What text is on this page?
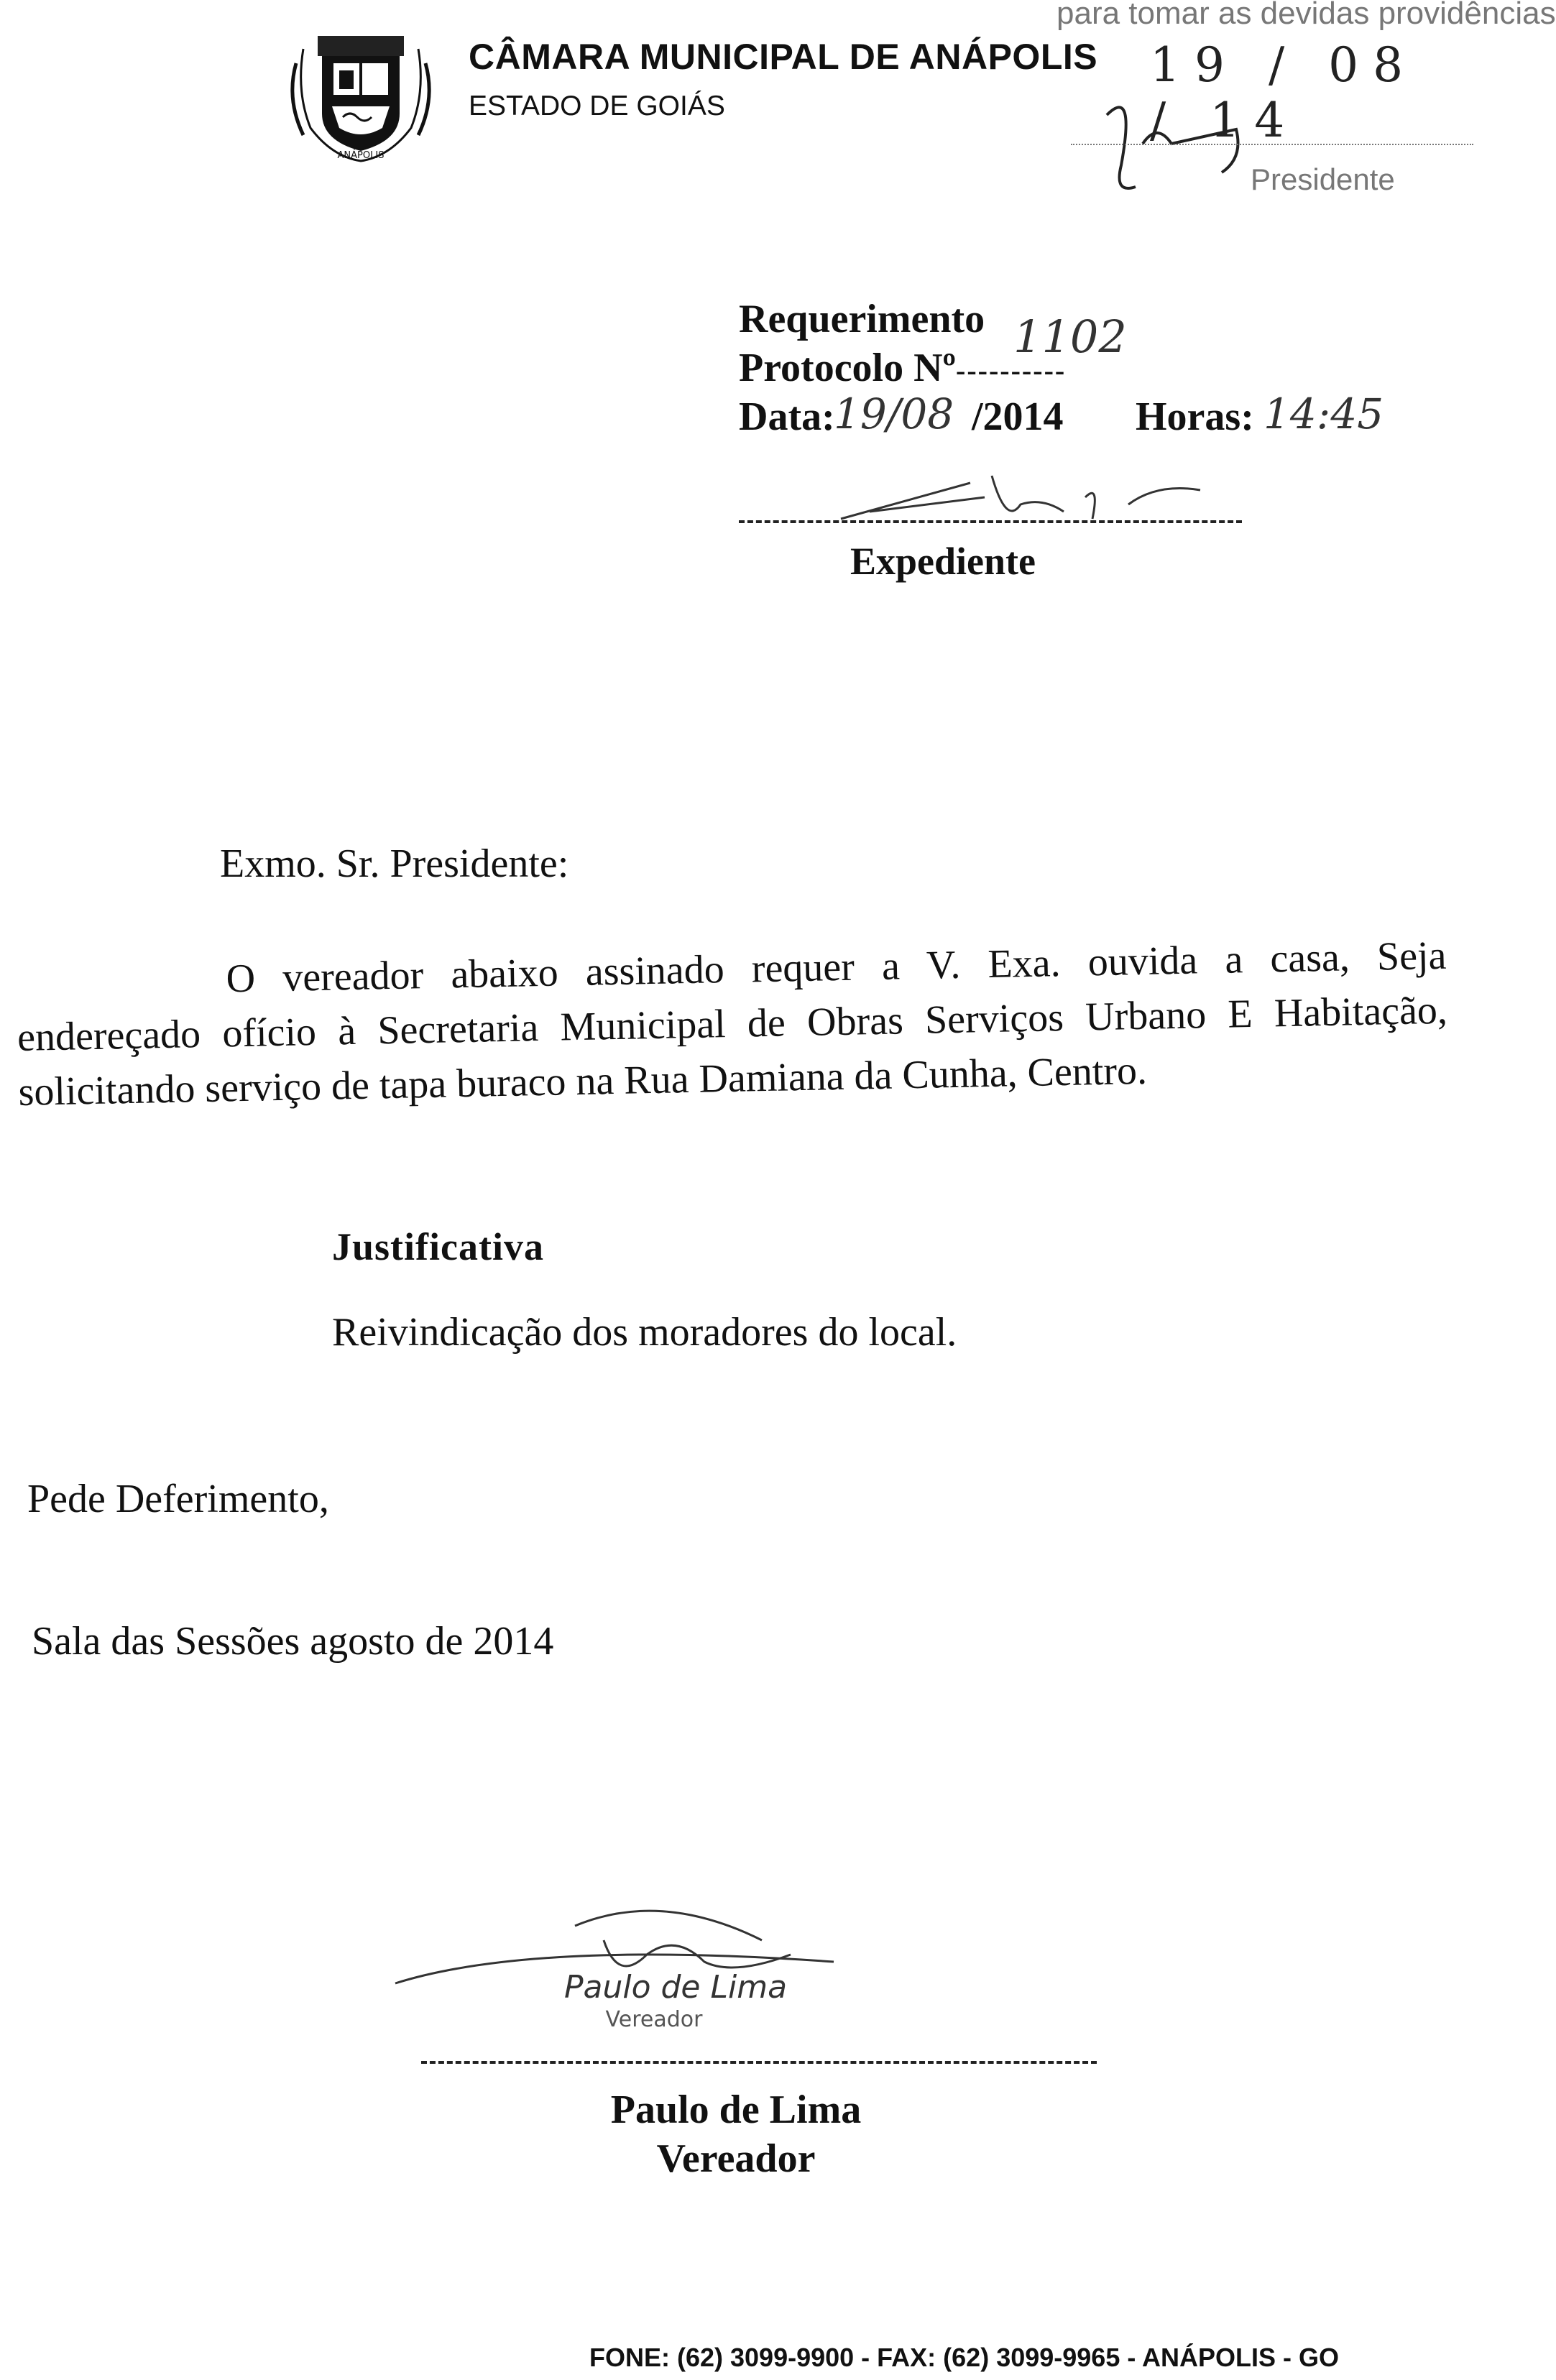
ANÁPOLIS
CÂMARA MUNICIPAL DE ANÁPOLIS
ESTADO DE GOIÁS
para tomar as devidas providências
19 / 08 / 14
Presidente
Requerimento 1102
Protocolo Nº ----------
Data:
19/08 /2014 Horas: 14:45
Expediente
Exmo. Sr. Presidente:
O vereador abaixo assinado requer a V. Exa. ouvida a casa, Seja endereçado ofício à Secretaria Municipal de Obras Serviços Urbano E Habitação, solicitando serviço de tapa buraco na Rua Damiana da Cunha, Centro.
Justificativa
Reivindicação dos moradores do local.
Pede Deferimento,
Sala das Sessões agosto de 2014
Paulo de Lima
Vereador
Paulo de Lima
Vereador
FONE: (62) 3099-9900 - FAX: (62) 3099-9965 - ANÁPOLIS - GO
